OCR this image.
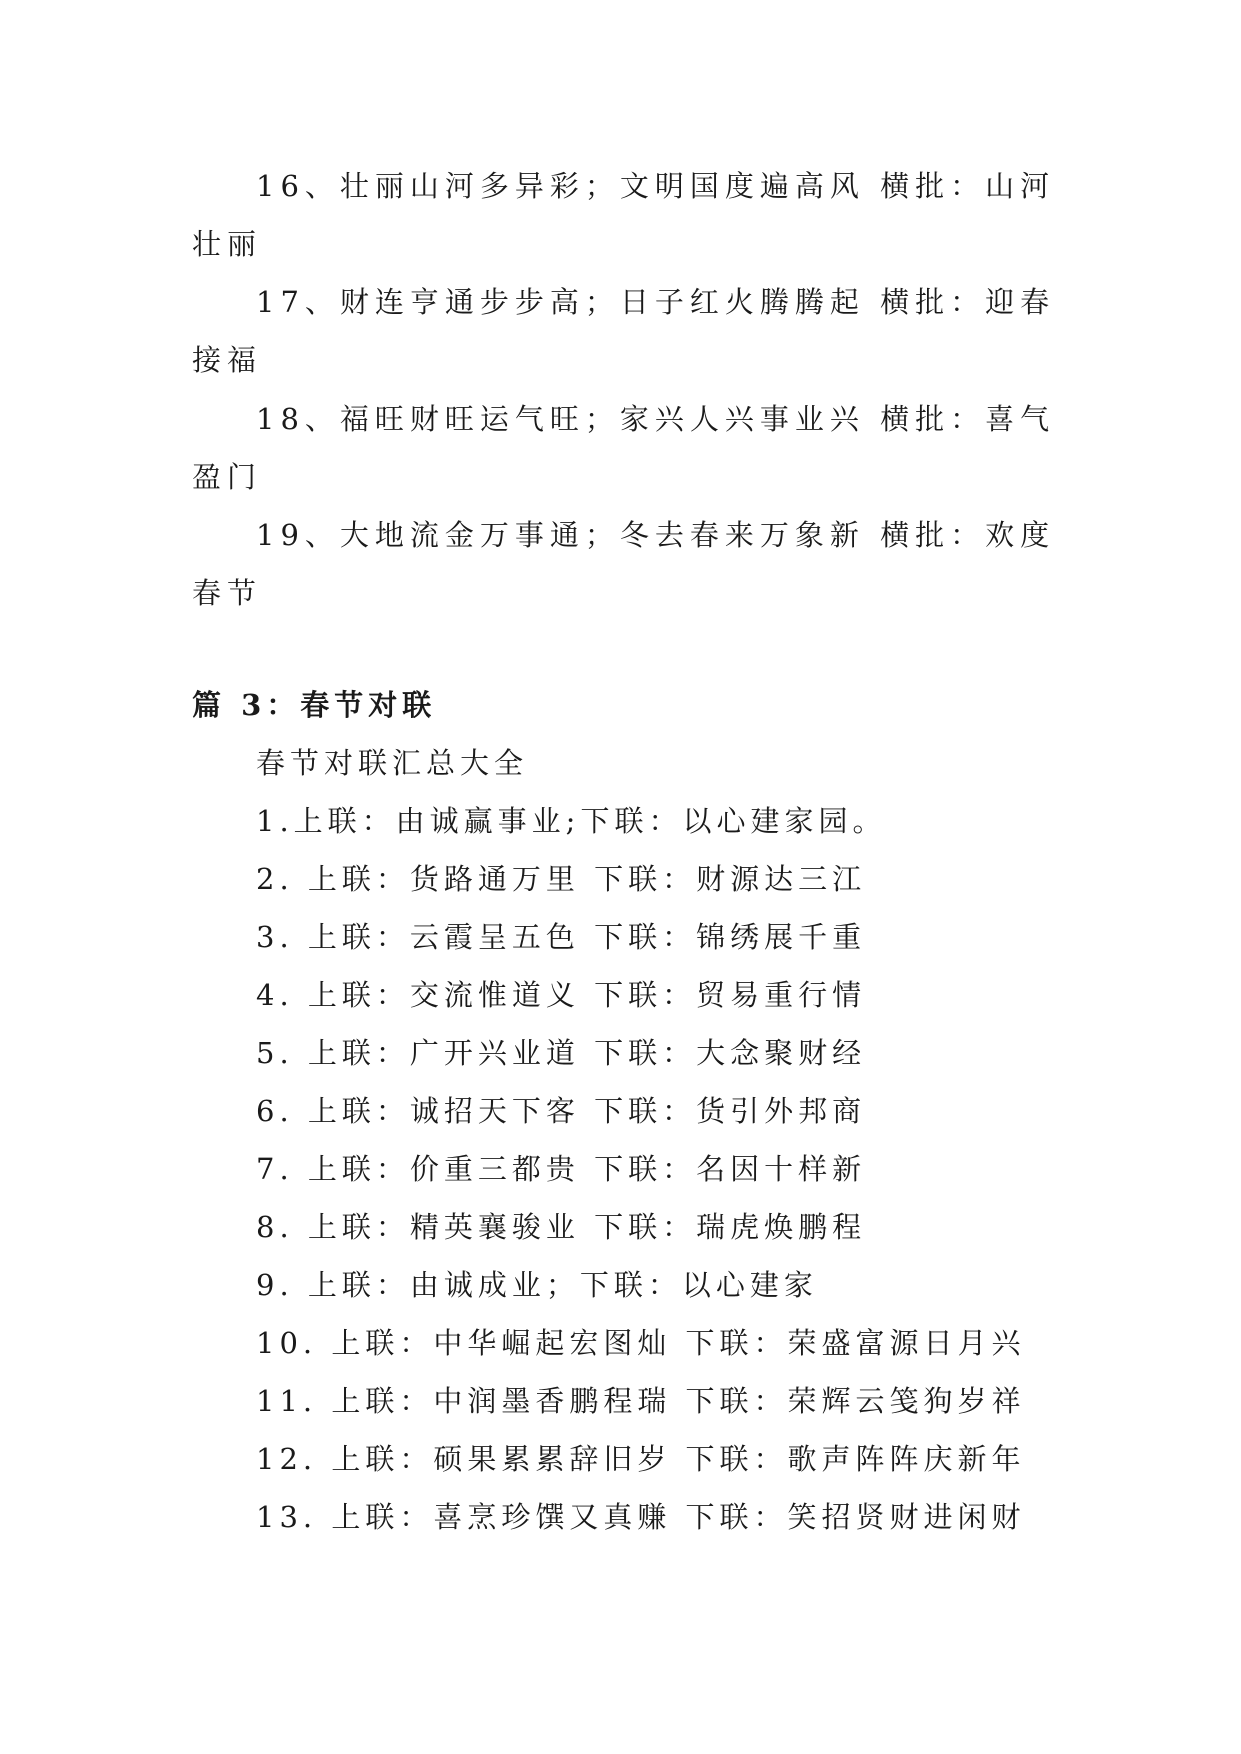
16、壮丽山河多异彩；文明国度遍高风 横批：山河壮丽

17、财连亨通步步高；日子红火腾腾起 横批：迎春接福

18、福旺财旺运气旺；家兴人兴事业兴 横批：喜气盈门

19、大地流金万事通；冬去春来万象新 横批：欢度春节

篇 3：春节对联

春节对联汇总大全

1.上联：由诚赢事业;下联：以心建家园。

2. 上联：货路通万里 下联：财源达三江

3. 上联：云霞呈五色 下联：锦绣展千重

4. 上联：交流惟道义 下联：贸易重行情

5. 上联：广开兴业道 下联：大念聚财经

6. 上联：诚招天下客 下联：货引外邦商

7. 上联：价重三都贵 下联：名因十样新

8. 上联：精英襄骏业 下联：瑞虎焕鹏程

9. 上联：由诚成业；下联：以心建家

10. 上联：中华崛起宏图灿 下联：荣盛富源日月兴

11. 上联：中润墨香鹏程瑞 下联：荣辉云笺狗岁祥

12. 上联：硕果累累辞旧岁 下联：歌声阵阵庆新年

13. 上联：喜烹珍馔又真赚 下联：笑招贤财进闲财
